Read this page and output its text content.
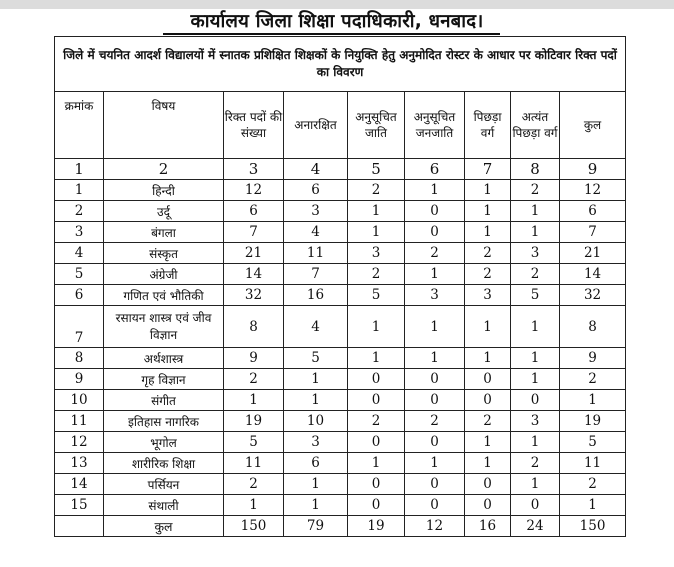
कार्यालय जिला शिक्षा पदाधिकारी, धनबाद।
जिले में चयनित आदर्श विद्यालयों में स्नातक प्रशिक्षित शिक्षकों के नियुक्ति हेतु अनुमोदित रोस्टर के आधार पर कोटिवार रिक्त पदों का विवरण								
क्रमांक	विषय	रिक्त पदों की संख्या	अनारक्षित	अनुसूचित जाति	अनुसूचित जनजाति	पिछड़ा वर्ग	अत्यंत पिछड़ा वर्ग	कुल
1	2	3	4	5	6	7	8	9
1	हिन्दी	12	6	2	1	1	2	12
2	उर्दू	6	3	1	0	1	1	6
3	बंगला	7	4	1	0	1	1	7
4	संस्कृत	21	11	3	2	2	3	21
5	अंग्रेजी	14	7	2	1	2	2	14
6	गणित एवं भौतिकी	32	16	5	3	3	5	32
7	रसायन शास्त्र एवं जीव विज्ञान	8	4	1	1	1	1	8
8	अर्थशास्त्र	9	5	1	1	1	1	9
9	गृह विज्ञान	2	1	0	0	0	1	2
10	संगीत	1	1	0	0	0	0	1
11	इतिहास नागरिक	19	10	2	2	2	3	19
12	भूगोल	5	3	0	0	1	1	5
13	शारीरिक शिक्षा	11	6	1	1	1	2	11
14	पर्सियन	2	1	0	0	0	1	2
15	संथाली	1	1	0	0	0	0	1
	कुल	150	79	19	12	16	24	150
